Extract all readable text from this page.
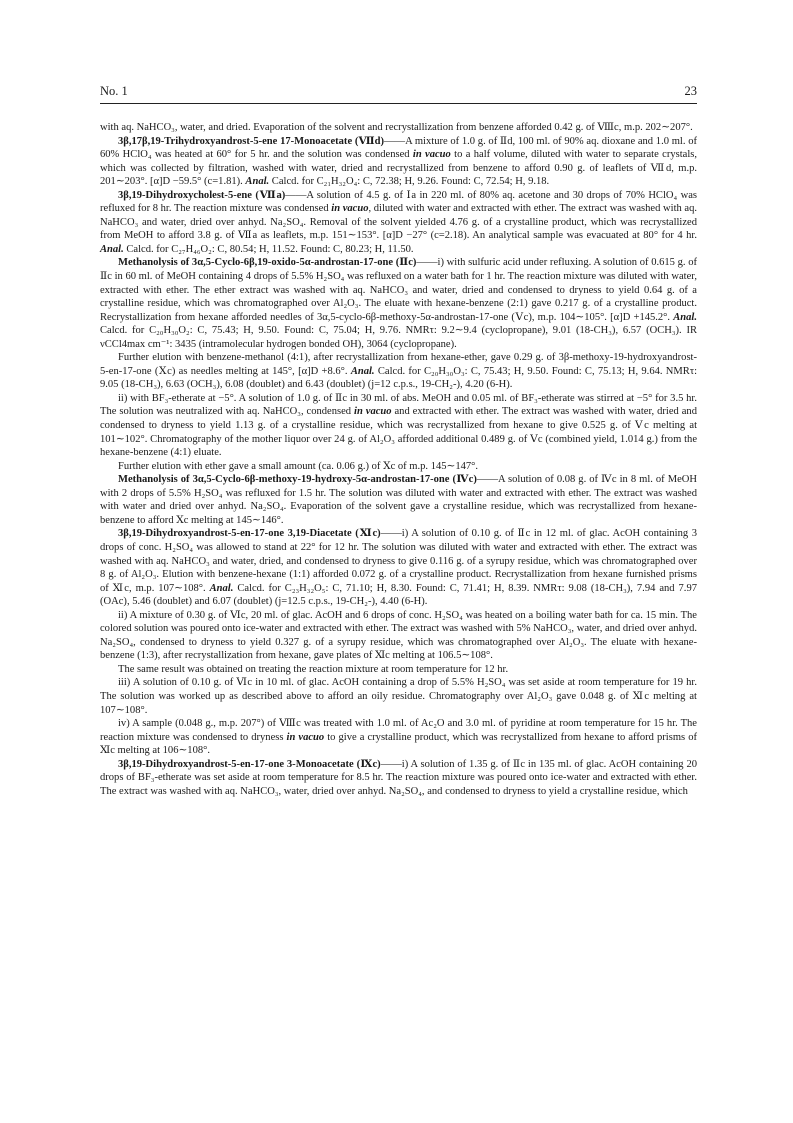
No. 1	23

with aq. NaHCO₃, water, and dried. Evaporation of the solvent and recrystallization from benzene afforded 0.42 g. of Ⅷc, m.p. 202∼207°.

3β,17β,19-Trihydroxyandrost-5-ene 17-Monoacetate (Ⅶd)——A mixture of 1.0 g. of Ⅱd, 100 ml. of 90% aq. dioxane and 1.0 ml. of 60% HClO₄ was heated at 60° for 5 hr. and the solution was condensed in vacuo to a half volume, diluted with water to separate crystals, which was collected by filtration, washed with water, dried and recrystallized from benzene to afford 0.90 g. of leaflets of Ⅶd, m.p. 201∼203°. [α]D −59.5° (c=1.81). Anal. Calcd. for C₂₁H₃₂O₄: C, 72.38; H, 9.26. Found: C, 72.54; H, 9.18.

3β,19-Dihydroxycholest-5-ene (Ⅶa)——A solution of 4.5 g. of Ⅰa in 220 ml. of 80% aq. acetone and 30 drops of 70% HClO₄ was refluxed for 8 hr. The reaction mixture was condensed in vacuo, diluted with water and extracted with ether. The extract was washed with aq. NaHCO₃ and water, dried over anhyd. Na₂SO₄. Removal of the solvent yielded 4.76 g. of a crystalline product, which was recrystallized from MeOH to afford 3.8 g. of Ⅶa as leaflets, m.p. 151∼153°. [α]D −27° (c=2.18). An analytical sample was evacuated at 80° for 4 hr. Anal. Calcd. for C₂₇H₄₆O₂: C, 80.54; H, 11.52. Found: C, 80.23; H, 11.50.

Methanolysis of 3α,5-Cyclo-6β,19-oxido-5α-androstan-17-one (Ⅱc)——i) with sulfuric acid under refluxing. A solution of 0.615 g. of Ⅱc in 60 ml. of MeOH containing 4 drops of 5.5% H₂SO₄ was refluxed on a water bath for 1 hr. The reaction mixture was diluted with water, extracted with ether. The ether extract was washed with aq. NaHCO₃ and water, dried and condensed to dryness to yield 0.64 g. of a crystalline residue, which was chromatographed over Al₂O₃. The eluate with hexane-benzene (2:1) gave 0.217 g. of a crystalline product. Recrystallization from hexane afforded needles of 3α,5-cyclo-6β-methoxy-5α-androstan-17-one (Ⅴc), m.p. 104∼105°. [α]D +145.2°. Anal. Calcd. for C₂₀H₃₀O₂: C, 75.43; H, 9.50. Found: C, 75.04; H, 9.76. NMRτ: 9.2∼9.4 (cyclopropane), 9.01 (18-CH₃), 6.57 (OCH₃). IR νCCl4max cm⁻¹: 3435 (intramolecular hydrogen bonded OH), 3064 (cyclopropane).

Further elution with benzene-methanol (4:1), after recrystallization from hexane-ether, gave 0.29 g. of 3β-methoxy-19-hydroxyandrost-5-en-17-one (Ⅹc) as needles melting at 145°, [α]D +8.6°. Anal. Calcd. for C₂₀H₃₀O₃: C, 75.43; H, 9.50. Found: C, 75.13; H, 9.64. NMRτ: 9.05 (18-CH₃), 6.63 (OCH₃), 6.08 (doublet) and 6.43 (doublet) (j=12 c.p.s., 19-CH₂-), 4.20 (6-H).

ii) with BF₃-etherate at −5°. A solution of 1.0 g. of Ⅱc in 30 ml. of abs. MeOH and 0.05 ml. of BF₃-etherate was stirred at −5° for 3.5 hr. The solution was neutralized with aq. NaHCO₃, condensed in vacuo and extracted with ether. The extract was washed with water, dried and condensed to dryness to yield 1.13 g. of a crystalline residue, which was recrystallized from hexane to give 0.525 g. of Ⅴc melting at 101∼102°. Chromatography of the mother liquor over 24 g. of Al₂O₃ afforded additional 0.489 g. of Ⅴc (combined yield, 1.014 g.) from the hexane-benzene (4:1) eluate.

Further elution with ether gave a small amount (ca. 0.06 g.) of Ⅹc of m.p. 145∼147°.

Methanolysis of 3α,5-Cyclo-6β-methoxy-19-hydroxy-5α-androstan-17-one (Ⅳc)——A solution of 0.08 g. of Ⅳc in 8 ml. of MeOH with 2 drops of 5.5% H₂SO₄ was refluxed for 1.5 hr. The solution was diluted with water and extracted with ether. The extract was washed with water and dried over anhyd. Na₂SO₄. Evaporation of the solvent gave a crystalline residue, which was recrystallized from hexane-benzene to afford Ⅹc melting at 145∼146°.

3β,19-Dihydroxyandrost-5-en-17-one 3,19-Diacetate (Ⅺc)——i) A solution of 0.10 g. of Ⅱc in 12 ml. of glac. AcOH containing 3 drops of conc. H₂SO₄ was allowed to stand at 22° for 12 hr. The solution was diluted with water and extracted with ether. The extract was washed with aq. NaHCO₃ and water, dried, and condensed to dryness to give 0.116 g. of a syrupy residue, which was chromatographed over 8 g. of Al₂O₃. Elution with benzene-hexane (1:1) afforded 0.072 g. of a crystalline product. Recrystallization from hexane furnished prisms of Ⅺc, m.p. 107∼108°. Anal. Calcd. for C₂₃H₃₂O₅: C, 71.10; H, 8.30. Found: C, 71.41; H, 8.39. NMRτ: 9.08 (18-CH₃), 7.94 and 7.97 (OAc), 5.46 (doublet) and 6.07 (doublet) (j=12.5 c.p.s., 19-CH₂-), 4.40 (6-H).

ii) A mixture of 0.30 g. of Ⅵc, 20 ml. of glac. AcOH and 6 drops of conc. H₂SO₄ was heated on a boiling water bath for ca. 15 min. The colored solution was poured onto ice-water and extracted with ether. The extract was washed with 5% NaHCO₃, water, and dried over anhyd. Na₂SO₄, condensed to dryness to yield 0.327 g. of a syrupy residue, which was chromatographed over Al₂O₃. The eluate with hexane-benzene (1:3), after recrystallization from hexane, gave plates of Ⅺc melting at 106.5∼108°.

The same result was obtained on treating the reaction mixture at room temperature for 12 hr.

iii) A solution of 0.10 g. of Ⅵc in 10 ml. of glac. AcOH containing a drop of 5.5% H₂SO₄ was set aside at room temperature for 19 hr. The solution was worked up as described above to afford an oily residue. Chromatography over Al₂O₃ gave 0.048 g. of Ⅺc melting at 107∼108°.

iv) A sample (0.048 g., m.p. 207°) of Ⅷc was treated with 1.0 ml. of Ac₂O and 3.0 ml. of pyridine at room temperature for 15 hr. The reaction mixture was condensed to dryness in vacuo to give a crystalline product, which was recrystallized from hexane to afford prisms of Ⅺc melting at 106∼108°.

3β,19-Dihydroxyandrost-5-en-17-one 3-Monoacetate (Ⅸc)——i) A solution of 1.35 g. of Ⅱc in 135 ml. of glac. AcOH containing 20 drops of BF₃-etherate was set aside at room temperature for 8.5 hr. The reaction mixture was poured onto ice-water and extracted with ether. The extract was washed with aq. NaHCO₃, water, dried over anhyd. Na₂SO₄, and condensed to dryness to yield a crystalline residue, which
